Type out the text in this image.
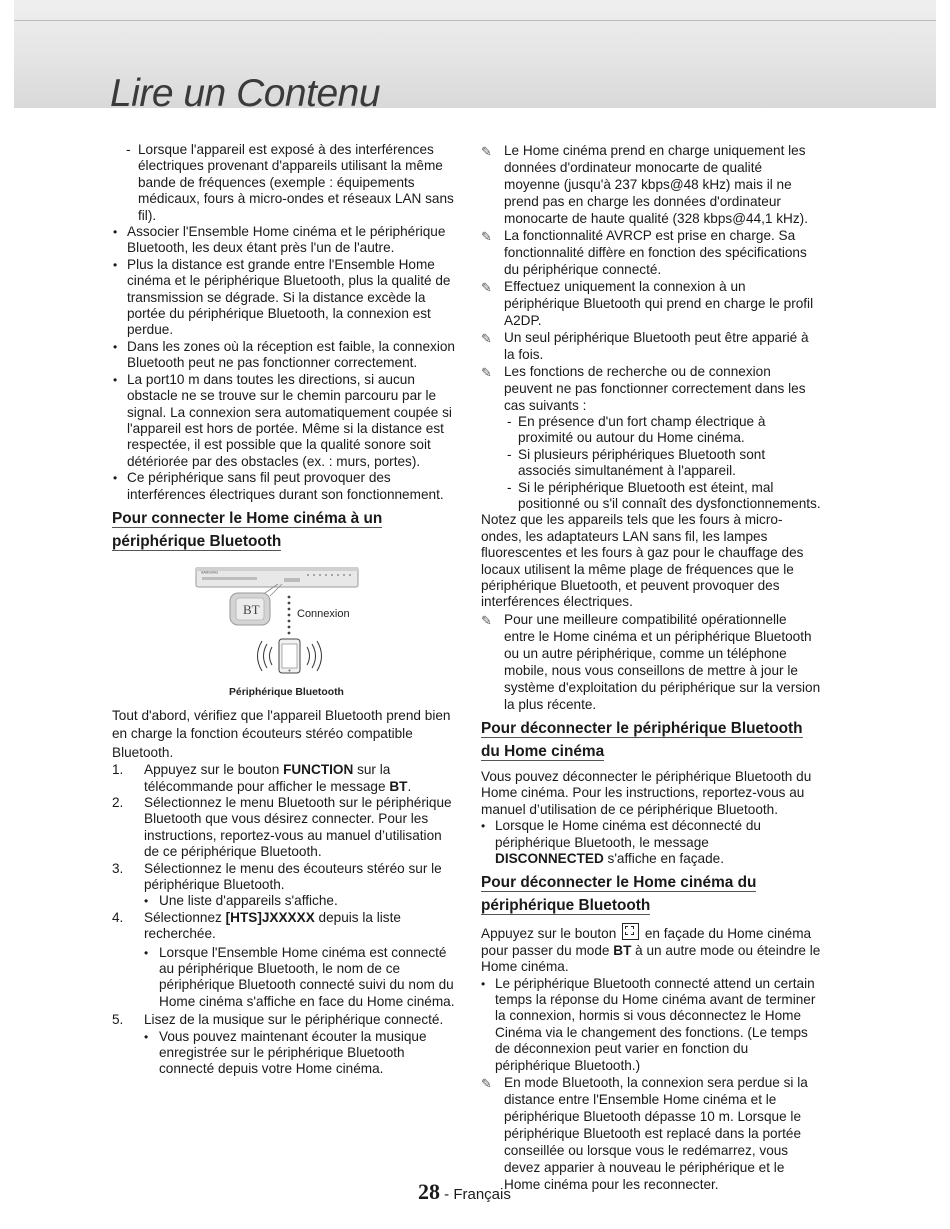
Lire un Contenu

- Lorsque l'appareil est exposé à des interférences électriques provenant d'appareils utilisant la même bande de fréquences (exemple : équipements médicaux, fours à micro-ondes et réseaux LAN sans fil).

• Associer l'Ensemble Home cinéma et le périphérique Bluetooth, les deux étant près l'un de l'autre.

• Plus la distance est grande entre l'Ensemble Home cinéma et le périphérique Bluetooth, plus la qualité de transmission se dégrade. Si la distance excède la portée du périphérique Bluetooth, la connexion est perdue.

• Dans les zones où la réception est faible, la connexion Bluetooth peut ne pas fonctionner correctement.

• La port10 m dans toutes les directions, si aucun obstacle ne se trouve sur le chemin parcouru par le signal. La connexion sera automatiquement coupée si l'appareil est hors de portée. Même si la distance est respectée, il est possible que la qualité sonore soit détériorée par des obstacles (ex. : murs, portes).

• Ce périphérique sans fil peut provoquer des interférences électriques durant son fonctionnement.

Pour connecter le Home cinéma à un
périphérique Bluetooth
SAMSUNG
BT	Connexion
Périphérique Bluetooth

Tout d'abord, vérifiez que l'appareil Bluetooth prend bien en charge la fonction écouteurs stéréo compatible Bluetooth.

1. Appuyez sur le bouton FUNCTION sur la télécommande pour afficher le message BT.

2. Sélectionnez le menu Bluetooth sur le périphérique Bluetooth que vous désirez connecter. Pour les instructions, reportez-vous au manuel d’utilisation de ce périphérique Bluetooth.

3. Sélectionnez le menu des écouteurs stéréo sur le périphérique Bluetooth.

• Une liste d'appareils s'affiche.

4. Sélectionnez [HTS]JXXXXX depuis la liste recherchée.

• Lorsque l'Ensemble Home cinéma est connecté au périphérique Bluetooth, le nom de ce périphérique Bluetooth connecté suivi du nom du Home cinéma s'affiche en face du Home cinéma.

5. Lisez de la musique sur le périphérique connecté.

• Vous pouvez maintenant écouter la musique enregistrée sur le périphérique Bluetooth connecté depuis votre Home cinéma.

✎ Le Home cinéma prend en charge uniquement les données d'ordinateur monocarte de qualité moyenne (jusqu'à 237 kbps@48 kHz) mais il ne prend pas en charge les données d'ordinateur monocarte de haute qualité (328 kbps@44,1 kHz).

✎ La fonctionnalité AVRCP est prise en charge. Sa fonctionnalité diffère en fonction des spécifications du périphérique connecté.

✎ Effectuez uniquement la connexion à un périphérique Bluetooth qui prend en charge le profil A2DP.

✎ Un seul périphérique Bluetooth peut être apparié à la fois.

✎ Les fonctions de recherche ou de connexion peuvent ne pas fonctionner correctement dans les cas suivants :

- En présence d'un fort champ électrique à proximité ou autour du Home cinéma.

- Si plusieurs périphériques Bluetooth sont associés simultanément à l'appareil.

- Si le périphérique Bluetooth est éteint, mal positionné ou s'il connaît des dysfonctionnements.

Notez que les appareils tels que les fours à micro-ondes, les adaptateurs LAN sans fil, les lampes fluorescentes et les fours à gaz pour le chauffage des locaux utilisent la même plage de fréquences que le périphérique Bluetooth, et peuvent provoquer des interférences électriques.

✎ Pour une meilleure compatibilité opérationnelle entre le Home cinéma et un périphérique Bluetooth ou un autre périphérique, comme un téléphone mobile, nous vous conseillons de mettre à jour le système d'exploitation du périphérique sur la version la plus récente.

Pour déconnecter le périphérique Bluetooth
du Home cinéma

Vous pouvez déconnecter le périphérique Bluetooth du Home cinéma. Pour les instructions, reportez-vous au manuel d’utilisation de ce périphérique Bluetooth.

• Lorsque le Home cinéma est déconnecté du périphérique Bluetooth, le message DISCONNECTED s'affiche en façade.

Pour déconnecter le Home cinéma du
périphérique Bluetooth

Appuyez sur le bouton  en façade du Home cinéma pour passer du mode BT à un autre mode ou éteindre le Home cinéma.

• Le périphérique Bluetooth connecté attend un certain temps la réponse du Home cinéma avant de terminer la connexion, hormis si vous déconnectez le Home Cinéma via le changement des fonctions. (Le temps de déconnexion peut varier en fonction du périphérique Bluetooth.)

✎ En mode Bluetooth, la connexion sera perdue si la distance entre l'Ensemble Home cinéma et le périphérique Bluetooth dépasse 10 m. Lorsque le périphérique Bluetooth est replacé dans la portée conseillée ou lorsque vous le redémarrez, vous devez apparier à nouveau le périphérique et le Home cinéma pour les reconnecter.

28 - Français
